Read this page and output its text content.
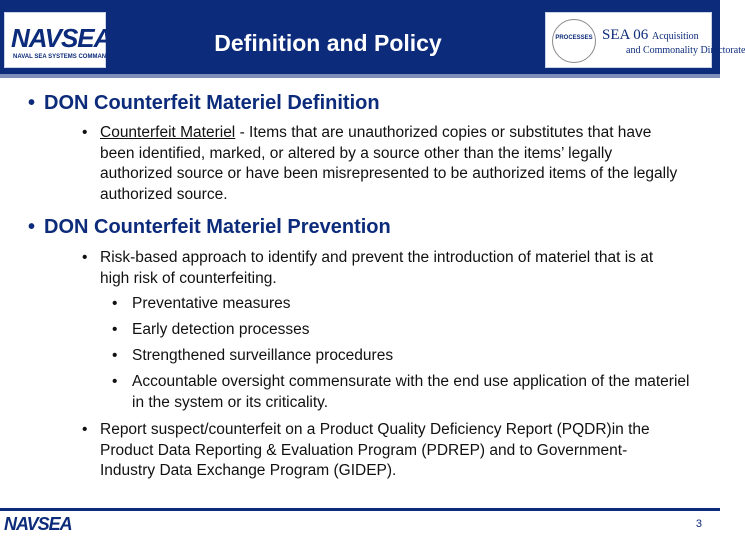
NAVSEA
NAVAL SEA SYSTEMS COMMAND
Definition and Policy	PROCESSES SEA 06 Acquisition
and Commonality Directorate
• DON Counterfeit Materiel Definition
• Counterfeit Materiel - Items that are unauthorized copies or substitutes that have been identified, marked, or altered by a source other than the items’ legally authorized source or have been misrepresented to be authorized items of the legally authorized source.
• DON Counterfeit Materiel Prevention
• Risk-based approach to identify and prevent the introduction of materiel that is at high risk of counterfeiting.
• Preventative measures
• Early detection processes
• Strengthened surveillance procedures
• Accountable oversight commensurate with the end use application of the materiel in the system or its criticality.
• Report suspect/counterfeit on a Product Quality Deficiency Report (PQDR)in the Product Data Reporting & Evaluation Program (PDREP) and to Government-Industry Data Exchange Program (GIDEP).
NAVSEA	3
